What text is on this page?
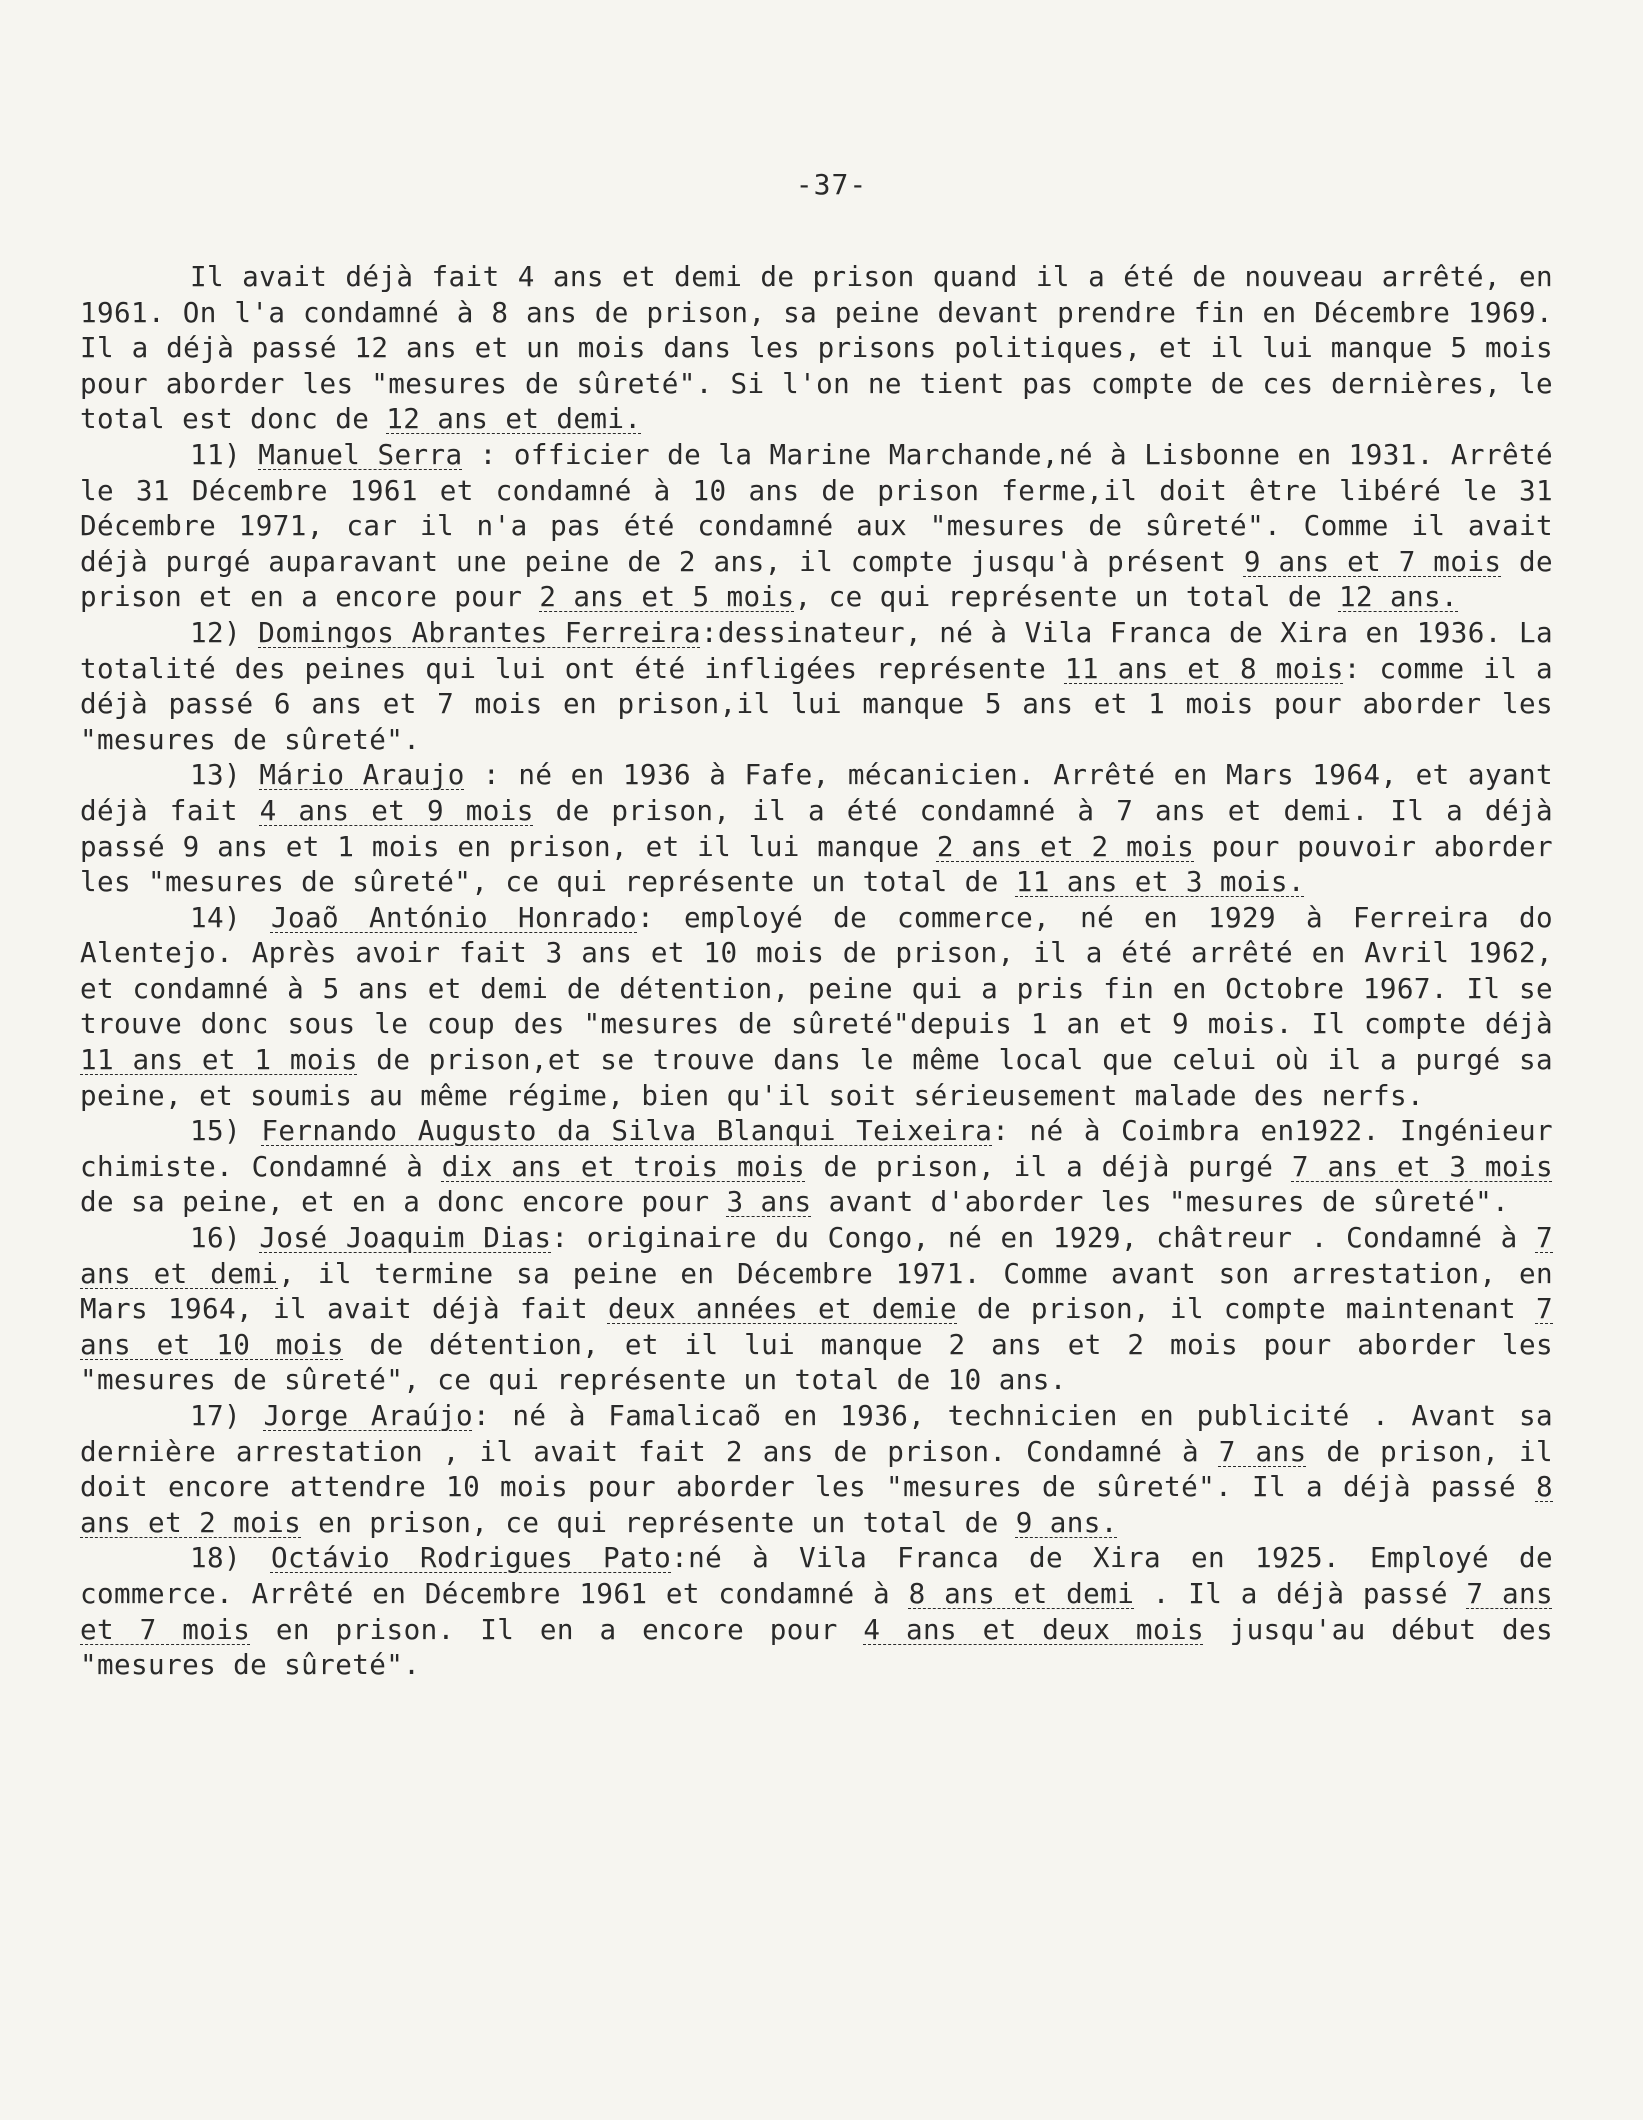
-37-

Il avait déjà fait 4 ans et demi de prison quand il a été de nouveau arrêté, en 1961. On l'a condamné à 8 ans de prison, sa peine devant prendre fin en Décembre 1969. Il a déjà passé 12 ans et un mois dans les prisons politiques, et il lui manque 5 mois pour aborder les "mesures de sûreté". Si l'on ne tient pas compte de ces dernières, le total est donc de 12 ans et demi.

11) Manuel Serra : officier de la Marine Marchande,né à Lisbonne en 1931. Arrêté le 31 Décembre 1961 et condamné à 10 ans de prison ferme,il doit être libéré le 31 Décembre 1971, car il n'a pas été condamné aux "mesures de sûreté". Comme il avait déjà purgé auparavant une peine de 2 ans, il compte jusqu'à présent 9 ans et 7 mois de prison et en a encore pour 2 ans et 5 mois, ce qui représente un total de 12 ans.

12) Domingos Abrantes Ferreira:dessinateur, né à Vila Franca de Xira en 1936. La totalité des peines qui lui ont été infligées représente 11 ans et 8 mois: comme il a déjà passé 6 ans et 7 mois en prison,il lui manque 5 ans et 1 mois pour aborder les "mesures de sûreté".

13) Mário Araujo : né en 1936 à Fafe, mécanicien. Arrêté en Mars 1964, et ayant déjà fait 4 ans et 9 mois de prison, il a été condamné à 7 ans et demi. Il a déjà passé 9 ans et 1 mois en prison, et il lui manque 2 ans et 2 mois pour pouvoir aborder les "mesures de sûreté", ce qui représente un total de 11 ans et 3 mois.

14) Joaõ António Honrado: employé de commerce, né en 1929 à Ferreira do Alentejo. Après avoir fait 3 ans et 10 mois de prison, il a été arrêté en Avril 1962, et condamné à 5 ans et demi de détention, peine qui a pris fin en Octobre 1967. Il se trouve donc sous le coup des "mesures de sûreté"depuis 1 an et 9 mois. Il compte déjà 11 ans et 1 mois de prison,et se trouve dans le même local que celui où il a purgé sa peine, et soumis au même régime, bien qu'il soit sérieusement malade des nerfs.

15) Fernando Augusto da Silva Blanqui Teixeira: né à Coimbra en1922. Ingénieur chimiste. Condamné à dix ans et trois mois de prison, il a déjà purgé 7 ans et 3 mois de sa peine, et en a donc encore pour 3 ans avant d'aborder les "mesures de sûreté".

16) José Joaquim Dias: originaire du Congo, né en 1929, châtreur . Condamné à 7 ans et demi, il termine sa peine en Décembre 1971. Comme avant son arrestation, en Mars 1964, il avait déjà fait deux années et demie de prison, il compte maintenant 7 ans et 10 mois de détention, et il lui manque 2 ans et 2 mois pour aborder les "mesures de sûreté", ce qui représente un total de 10 ans.

17) Jorge Araújo: né à Famalicaõ en 1936, technicien en publicité . Avant sa dernière arrestation , il avait fait 2 ans de prison. Condamné à 7 ans de prison, il doit encore attendre 10 mois pour aborder les "mesures de sûreté". Il a déjà passé 8 ans et 2 mois en prison, ce qui représente un total de 9 ans.

18) Octávio Rodrigues Pato:né à Vila Franca de Xira en 1925. Employé de commerce. Arrêté en Décembre 1961 et condamné à 8 ans et demi . Il a déjà passé 7 ans et 7 mois en prison. Il en a encore pour 4 ans et deux mois jusqu'au début des "mesures de sûreté".
